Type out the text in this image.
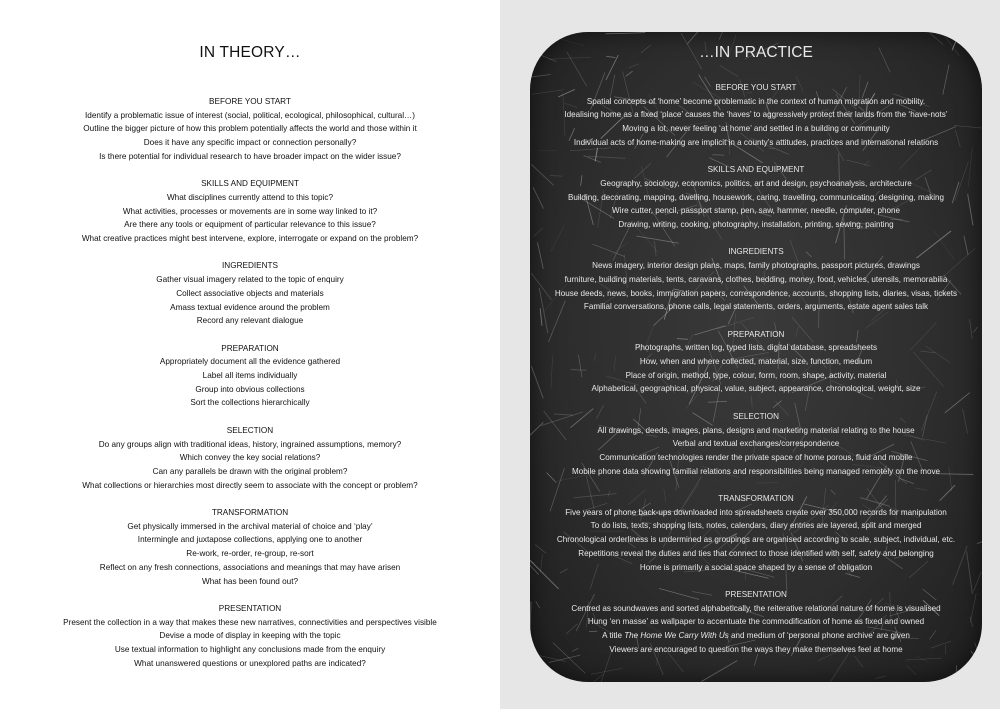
IN THEORY…
BEFORE YOU START
Identify a problematic issue of interest (social, political, ecological, philosophical, cultural…)
Outline the bigger picture of how this problem potentially affects the world and those within it
Does it have any specific impact or connection personally?
Is there potential for individual research to have broader impact on the wider issue?
SKILLS AND EQUIPMENT
What disciplines currently attend to this topic?
What activities, processes or movements are in some way linked to it?
Are there any tools or equipment of particular relevance to this issue?
What creative practices might best intervene, explore, interrogate or expand on the problem?
INGREDIENTS
Gather visual imagery related to the topic of enquiry
Collect associative objects and materials
Amass textual evidence around the problem
Record any relevant dialogue
PREPARATION
Appropriately document all the evidence gathered
Label all items individually
Group into obvious collections
Sort the collections hierarchically
SELECTION
Do any groups align with traditional ideas, history, ingrained assumptions, memory?
Which convey the key social relations?
Can any parallels be drawn with the original problem?
What collections or hierarchies most directly seem to associate with the concept or problem?
TRANSFORMATION
Get physically immersed in the archival material of choice and ‘play’
Intermingle and juxtapose collections, applying one to another
Re-work, re-order, re-group, re-sort
Reflect on any fresh connections, associations and meanings that may have arisen
What has been found out?
PRESENTATION
Present the collection in a way that makes these new narratives, connectivities and perspectives visible
Devise a mode of display in keeping with the topic
Use textual information to highlight any conclusions made from the enquiry
What unanswered questions or unexplored paths are indicated?
…IN PRACTICE
BEFORE YOU START
Spatial concepts of ‘home’ become problematic in the context of human migration and mobility.
Idealising home as a fixed ‘place’ causes the ‘haves’ to aggressively protect their lands from the ‘have-nots’
Moving a lot, never feeling ‘at home’ and settled in a building or community
Individual acts of home-making are implicit in a county’s attitudes, practices and international relations
SKILLS AND EQUIPMENT
Geography, sociology, economics, politics, art and design, psychoanalysis, architecture
Building, decorating, mapping, dwelling, housework, caring, travelling, communicating, designing, making
Wire cutter, pencil, passport stamp, pen, saw, hammer, needle, computer, phone
Drawing, writing, cooking, photography, installation, printing, sewing, painting
INGREDIENTS
News imagery, interior design plans, maps, family photographs, passport pictures, drawings
furniture, building materials, tents, caravans, clothes, bedding, money, food, vehicles, utensils, memorabilia
House deeds, news, books, immigration papers, correspondence, accounts, shopping lists, diaries, visas, tickets
Familial conversations, phone calls, legal statements, orders, arguments, estate agent sales talk
PREPARATION
Photographs, written log, typed lists, digital database, spreadsheets
How, when and where collected, material, size, function, medium
Place of origin, method, type, colour, form, room, shape, activity, material
Alphabetical, geographical, physical, value, subject, appearance, chronological, weight, size
SELECTION
All drawings, deeds, images, plans, designs and marketing material relating to the house
Verbal and textual exchanges/correspondence
Communication technologies render the private space of home porous, fluid and mobile
Mobile phone data showing familial relations and responsibilities being managed remotely on the move
TRANSFORMATION
Five years of phone back-ups downloaded into spreadsheets create over 350,000 records for manipulation
To do lists, texts, shopping lists, notes, calendars, diary entries are layered, split and merged
Chronological orderliness is undermined as groupings are organised according to scale, subject, individual, etc.
Repetitions reveal the duties and ties that connect to those identified with self, safety and belonging
Home is primarily a social space shaped by a sense of obligation
PRESENTATION
Centred as soundwaves and sorted alphabetically, the reiterative relational nature of home is visualised
Hung ‘en masse’ as wallpaper to accentuate the commodification of home as fixed and owned
A title The Home We Carry With Us and medium of ‘personal phone archive’ are given
Viewers are encouraged to question the ways they make themselves feel at home
